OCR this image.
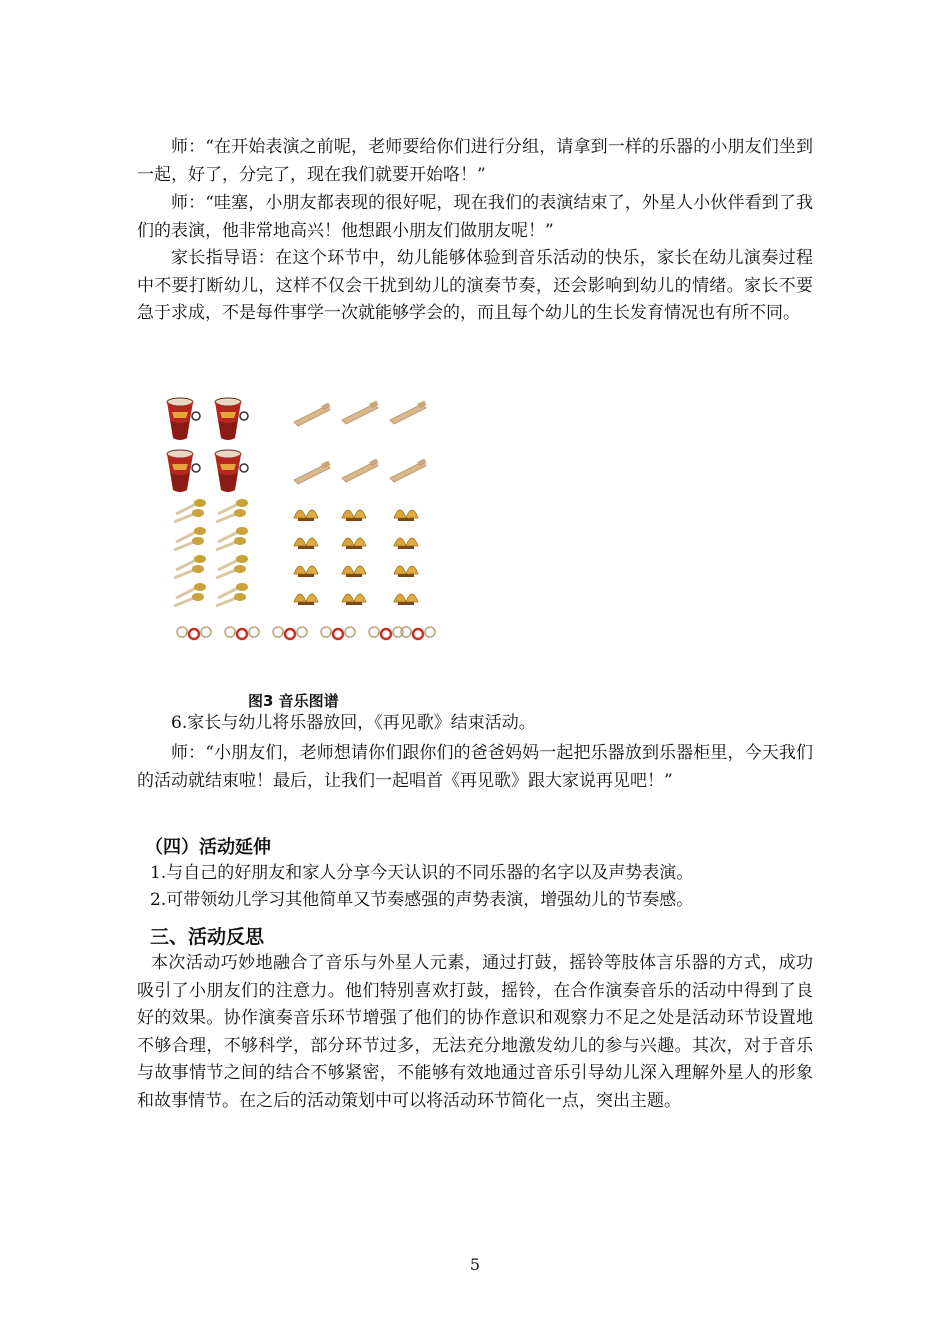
师：“在开始表演之前呢，老师要给你们进行分组，请拿到一样的乐器的小朋友们坐到一起，好了，分完了，现在我们就要开始咯！”

师：“哇塞，小朋友都表现的很好呢，现在我们的表演结束了，外星人小伙伴看到了我们的表演，他非常地高兴！他想跟小朋友们做朋友呢！”

家长指导语：在这个环节中，幼儿能够体验到音乐活动的快乐，家长在幼儿演奏过程中不要打断幼儿，这样不仅会干扰到幼儿的演奏节奏，还会影响到幼儿的情绪。家长不要急于求成，不是每件事学一次就能够学会的，而且每个幼儿的生长发育情况也有所不同。

图3 音乐图谱

6.家长与幼儿将乐器放回，《再见歌》结束活动。

师：“小朋友们，老师想请你们跟你们的爸爸妈妈一起把乐器放到乐器柜里，今天我们的活动就结束啦！最后，让我们一起唱首《再见歌》跟大家说再见吧！”

（四）活动延伸

1.与自己的好朋友和家人分享今天认识的不同乐器的名字以及声势表演。

2.可带领幼儿学习其他简单又节奏感强的声势表演，增强幼儿的节奏感。

三、活动反思

本次活动巧妙地融合了音乐与外星人元素，通过打鼓，摇铃等肢体言乐器的方式，成功吸引了小朋友们的注意力。他们特别喜欢打鼓，摇铃，在合作演奏音乐的活动中得到了良好的效果。协作演奏音乐环节增强了他们的协作意识和观察力不足之处是活动环节设置地不够合理，不够科学，部分环节过多，无法充分地激发幼儿的参与兴趣。其次，对于音乐与故事情节之间的结合不够紧密，不能够有效地通过音乐引导幼儿深入理解外星人的形象和故事情节。在之后的活动策划中可以将活动环节简化一点，突出主题。

5
